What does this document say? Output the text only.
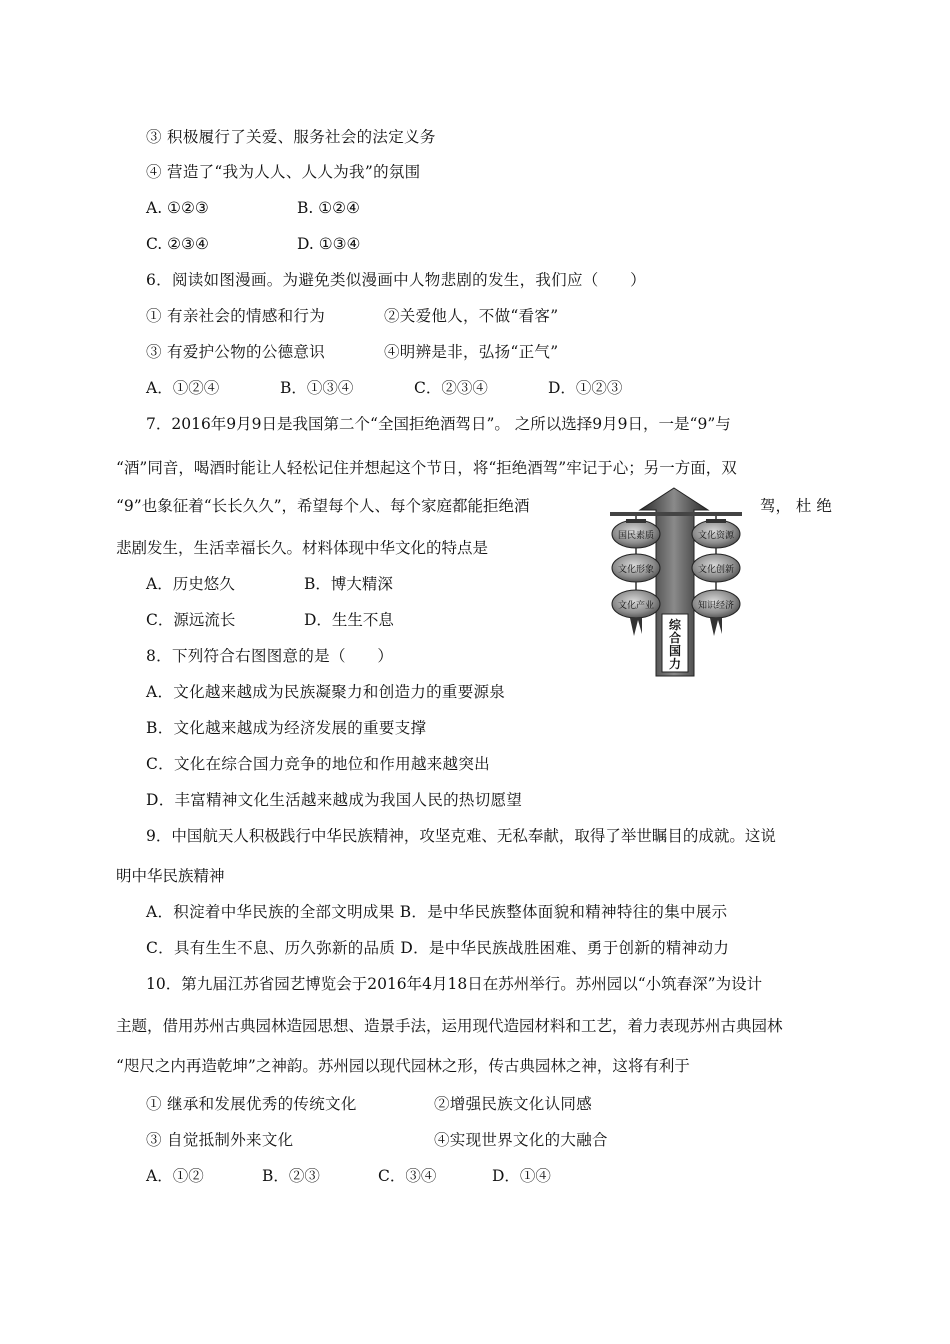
③ 积极履行了关爱、服务社会的法定义务
④ 营造了“我为人人、人人为我”的氛围
A. ①②③	B. ①②④
C. ②③④	D. ①③④
6．阅读如图漫画。为避免类似漫画中人物悲剧的发生，我们应（　　）
① 有亲社会的情感和行为	②关爱他人，不做“看客”
③ 有爱护公物的公德意识	④明辨是非，弘扬“正气”
A．①②④	B．①③④	C．②③④	D．①②③
7．2016年9月9日是我国第二个“全国拒绝酒驾日”。 之所以选择9月9日，一是“9”与
“酒”同音，喝酒时能让人轻松记住并想起这个节日，将“拒绝酒驾”牢记于心；另一方面，双
“9”也象征着“长长久久”，希望每个人、每个家庭都能拒绝酒	驾， 杜 绝
悲剧发生，生活幸福长久。材料体现中华文化的特点是
A．历史悠久	B．博大精深
C．源远流长	D．生生不息
国民素质
文化形象
文化产业
文化资源
文化创新
知识经济
综合国力
8．下列符合右图图意的是（　　）
A．文化越来越成为民族凝聚力和创造力的重要源泉
B．文化越来越成为经济发展的重要支撑
C．文化在综合国力竞争的地位和作用越来越突出
D．丰富精神文化生活越来越成为我国人民的热切愿望
9．中国航天人积极践行中华民族精神，攻坚克难、无私奉献，取得了举世瞩目的成就。这说
明中华民族精神
A．积淀着中华民族的全部文明成果 B．是中华民族整体面貌和精神特往的集中展示
C．具有生生不息、历久弥新的品质 D．是中华民族战胜困难、勇于创新的精神动力
10．第九届江苏省园艺博览会于2016年4月18日在苏州举行。苏州园以“小筑春深”为设计
主题，借用苏州古典园林造园思想、造景手法，运用现代造园材料和工艺，着力表现苏州古典园林
“咫尺之内再造乾坤”之神韵。苏州园以现代园林之形，传古典园林之神，这将有利于
① 继承和发展优秀的传统文化	②增强民族文化认同感
③ 自觉抵制外来文化	④实现世界文化的大融合
A．①②	B．②③	C．③④	D．①④
